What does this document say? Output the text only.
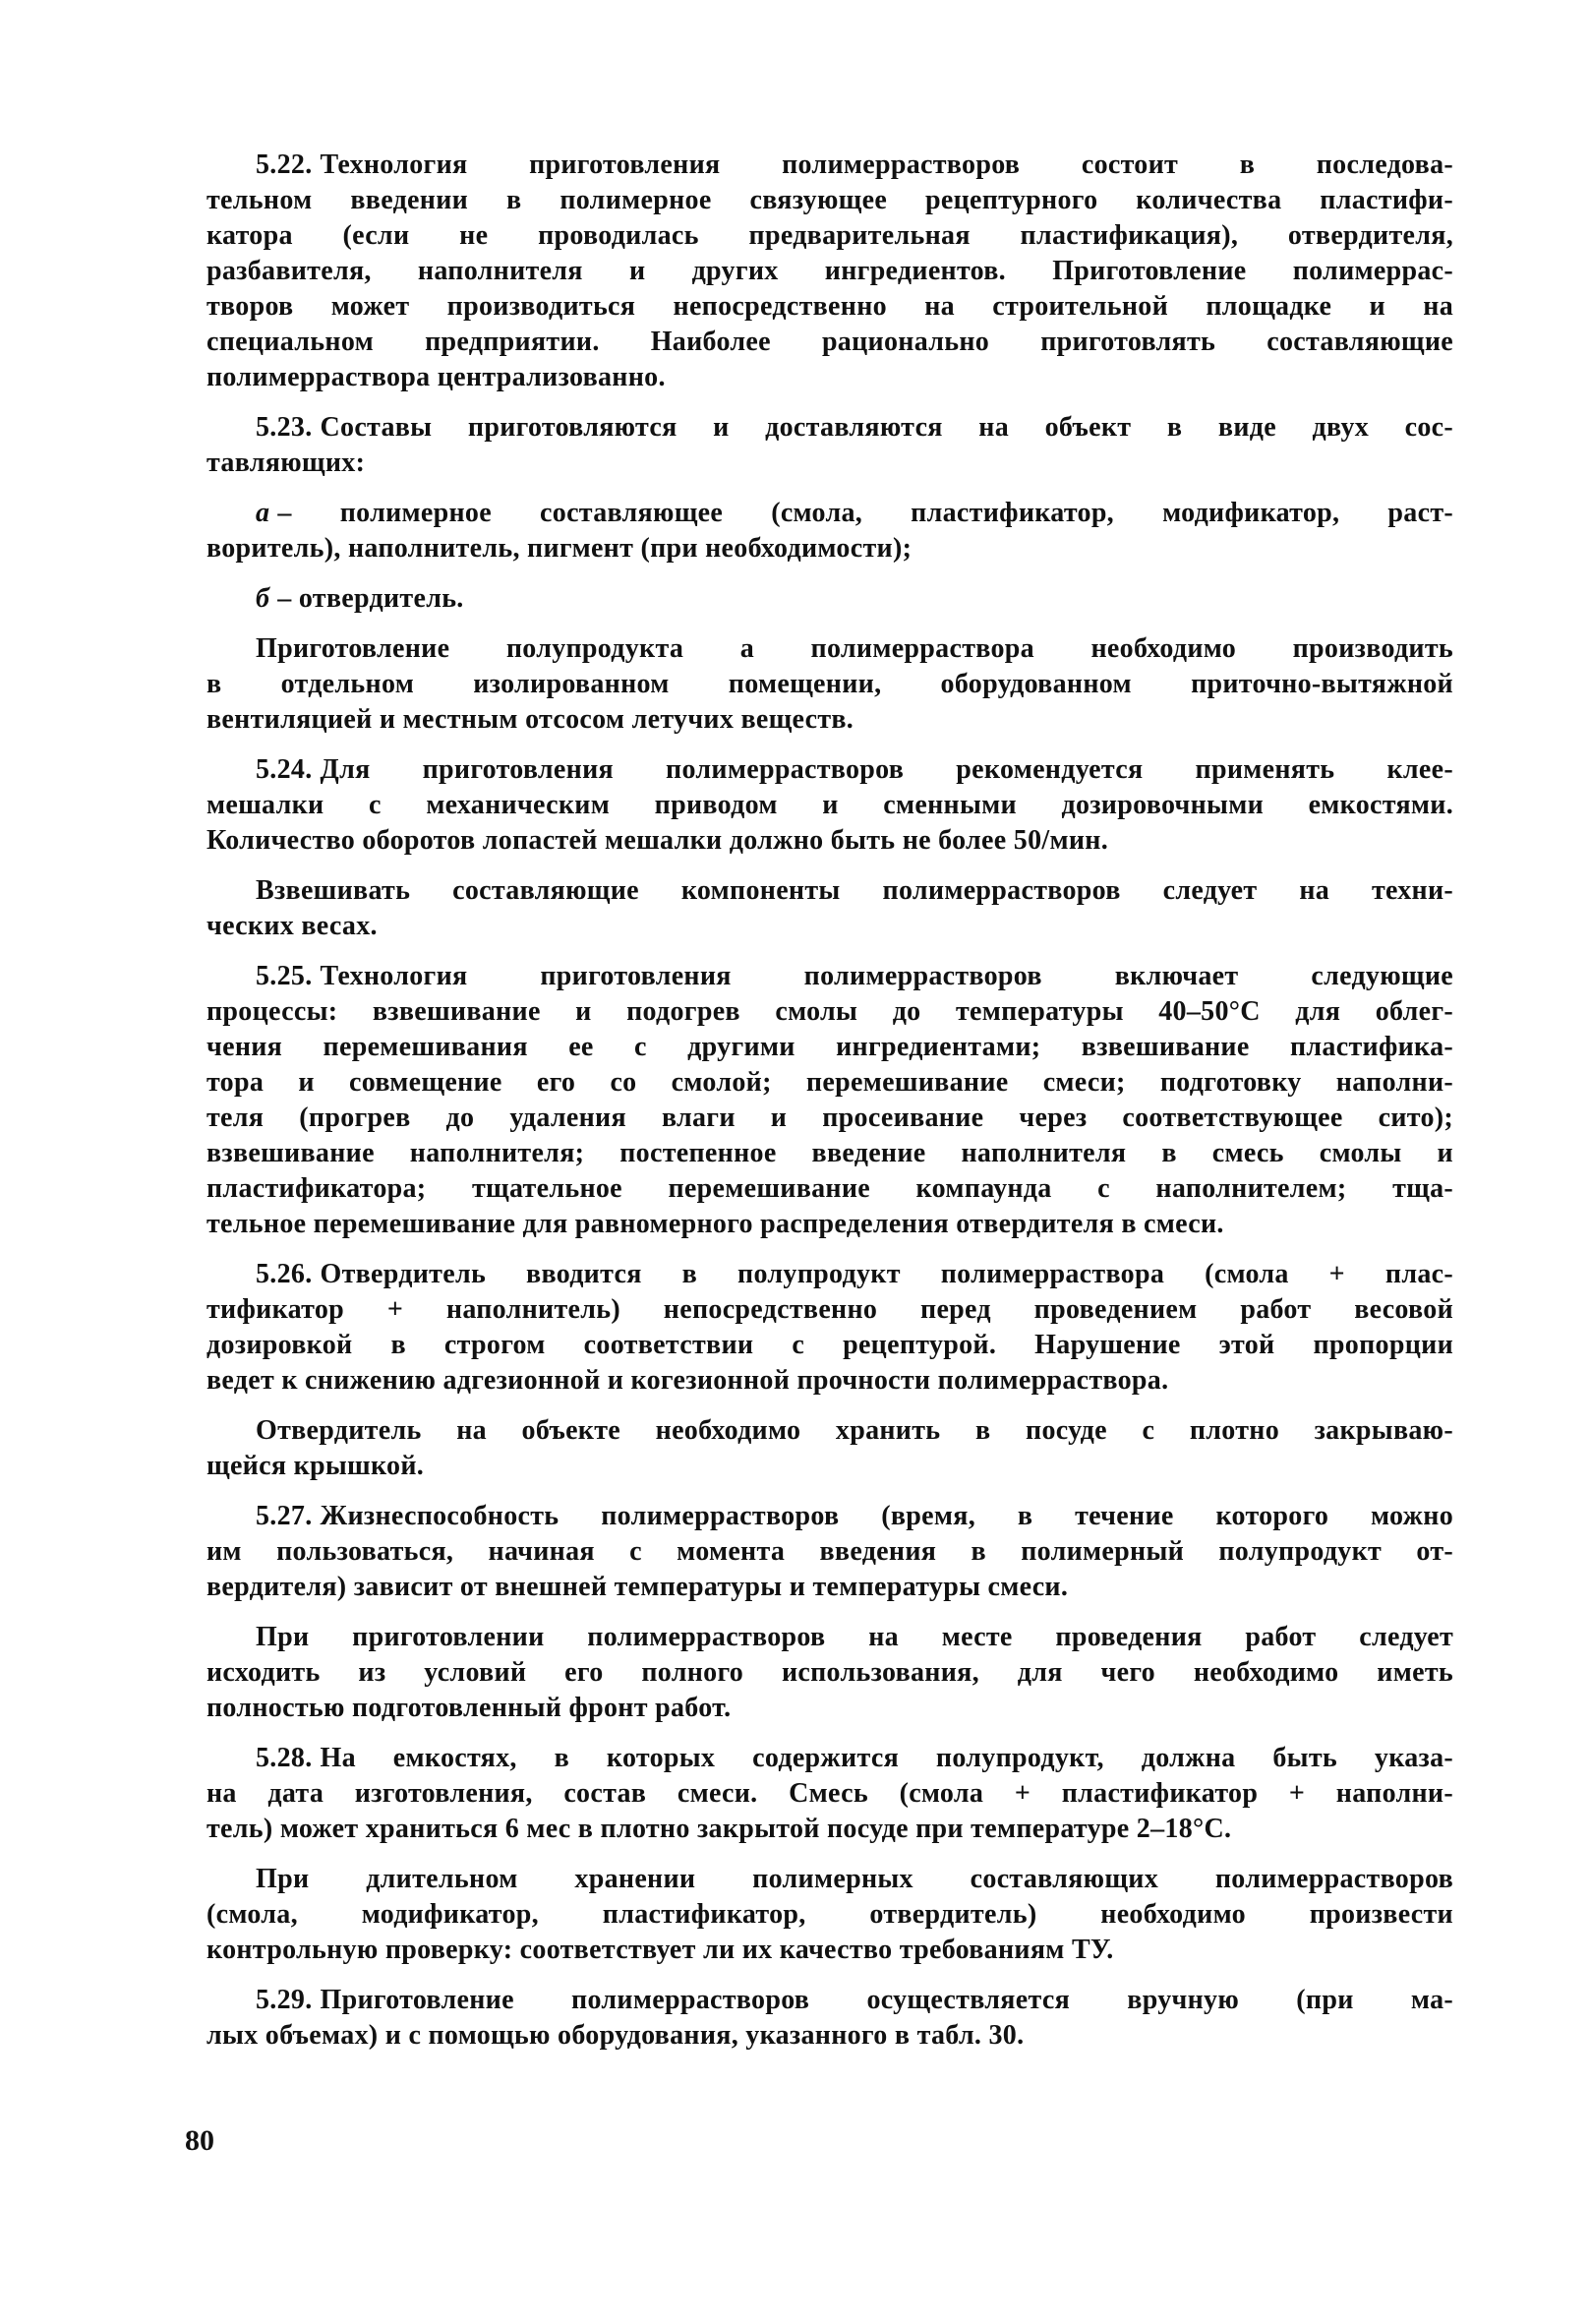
5.22. Технология приготовления полимеррастворов состоит в последова-
тельном введении в полимерное связующее рецептурного количества пластифи-
катора (если не проводилась предварительная пластификация), отвердителя,
разбавителя, наполнителя и других ингредиентов. Приготовление полимеррас-
творов может производиться непосредственно на строительной площадке и на
специальном предприятии. Наиболее рационально приготовлять составляющие
полимерраствора централизованно.
5.23. Составы приготовляются и доставляются на объект в виде двух сос-
тавляющих:
а – полимерное составляющее (смола, пластификатор, модификатор, раст-
воритель), наполнитель, пигмент (при необходимости);
б – отвердитель.
Приготовление полупродукта а полимерраствора необходимо производить
в отдельном изолированном помещении, оборудованном приточно-вытяжной
вентиляцией и местным отсосом летучих веществ.
5.24. Для приготовления полимеррастворов рекомендуется применять клее-
мешалки с механическим приводом и сменными дозировочными емкостями.
Количество оборотов лопастей мешалки должно быть не более 50/мин.
Взвешивать составляющие компоненты полимеррастворов следует на техни-
ческих весах.
5.25. Технология приготовления полимеррастворов включает следующие
процессы: взвешивание и подогрев смолы до температуры 40–50°С для облег-
чения перемешивания ее с другими ингредиентами; взвешивание пластифика-
тора и совмещение его со смолой; перемешивание смеси; подготовку наполни-
теля (прогрев до удаления влаги и просеивание через соответствующее сито);
взвешивание наполнителя; постепенное введение наполнителя в смесь смолы и
пластификатора; тщательное перемешивание компаунда с наполнителем; тща-
тельное перемешивание для равномерного распределения отвердителя в смеси.
5.26. Отвердитель вводится в полупродукт полимерраствора (смола + плас-
тификатор + наполнитель) непосредственно перед проведением работ весовой
дозировкой в строгом соответствии с рецептурой. Нарушение этой пропорции
ведет к снижению адгезионной и когезионной прочности полимерраствора.
Отвердитель на объекте необходимо хранить в посуде с плотно закрываю-
щейся крышкой.
5.27. Жизнеспособность полимеррастворов (время, в течение которого можно
им пользоваться, начиная с момента введения в полимерный полупродукт от-
вердителя) зависит от внешней температуры и температуры смеси.
При приготовлении полимеррастворов на месте проведения работ следует
исходить из условий его полного использования, для чего необходимо иметь
полностью подготовленный фронт работ.
5.28. На емкостях, в которых содержится полупродукт, должна быть указа-
на дата изготовления, состав смеси. Смесь (смола + пластификатор + наполни-
тель) может храниться 6 мес в плотно закрытой посуде при температуре 2–18°С.
При длительном хранении полимерных составляющих полимеррастворов
(смола, модификатор, пластификатор, отвердитель) необходимо произвести
контрольную проверку: соответствует ли их качество требованиям ТУ.
5.29. Приготовление полимеррастворов осуществляется вручную (при ма-
лых объемах) и с помощью оборудования, указанного в табл. 30.
80
